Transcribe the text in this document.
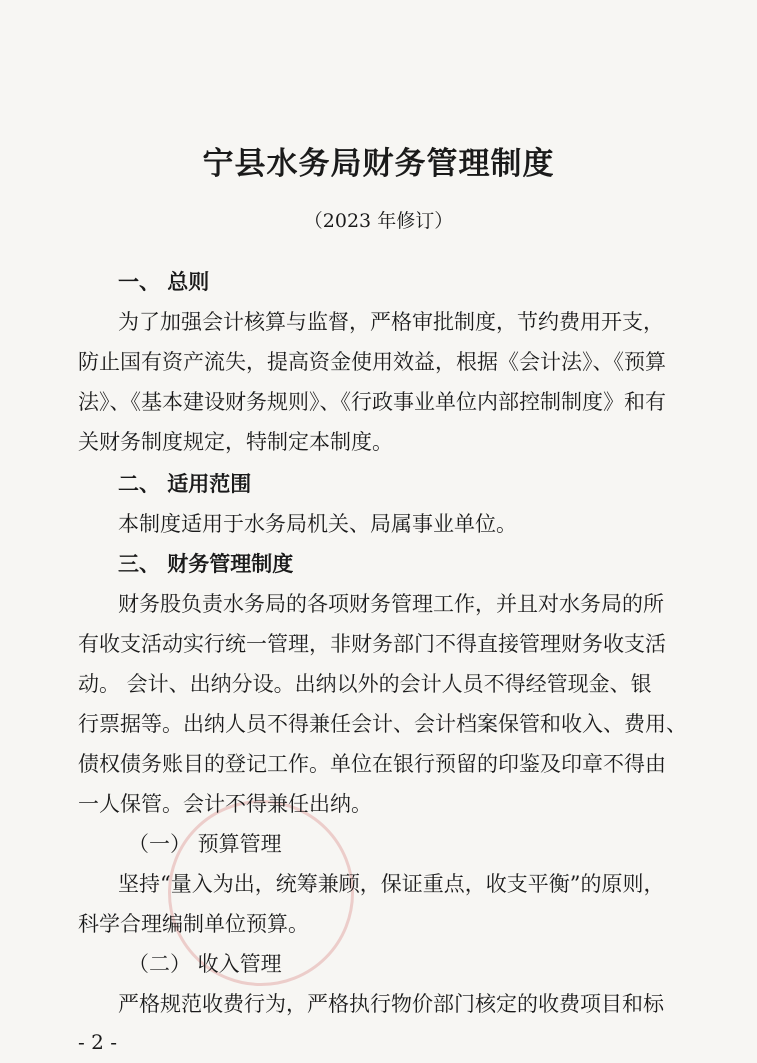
宁县水务局财务管理制度
（2023 年修订）
一、 总则
为了加强会计核算与监督，严格审批制度，节约费用开支，
防止国有资产流失，提高资金使用效益，根据《会计法》、《预算
法》、《基本建设财务规则》、《行政事业单位内部控制制度》和有
关财务制度规定，特制定本制度。
二、 适用范围
本制度适用于水务局机关、局属事业单位。
三、 财务管理制度
财务股负责水务局的各项财务管理工作，并且对水务局的所
有收支活动实行统一管理，非财务部门不得直接管理财务收支活
动。 会计、出纳分设。出纳以外的会计人员不得经管现金、银
行票据等。出纳人员不得兼任会计、会计档案保管和收入、费用、
债权债务账目的登记工作。单位在银行预留的印鉴及印章不得由
一人保管。会计不得兼任出纳。
（一） 预算管理
坚持“量入为出，统筹兼顾，保证重点，收支平衡”的原则，
科学合理编制单位预算。
（二） 收入管理
严格规范收费行为，严格执行物价部门核定的收费项目和标
- 2 -
